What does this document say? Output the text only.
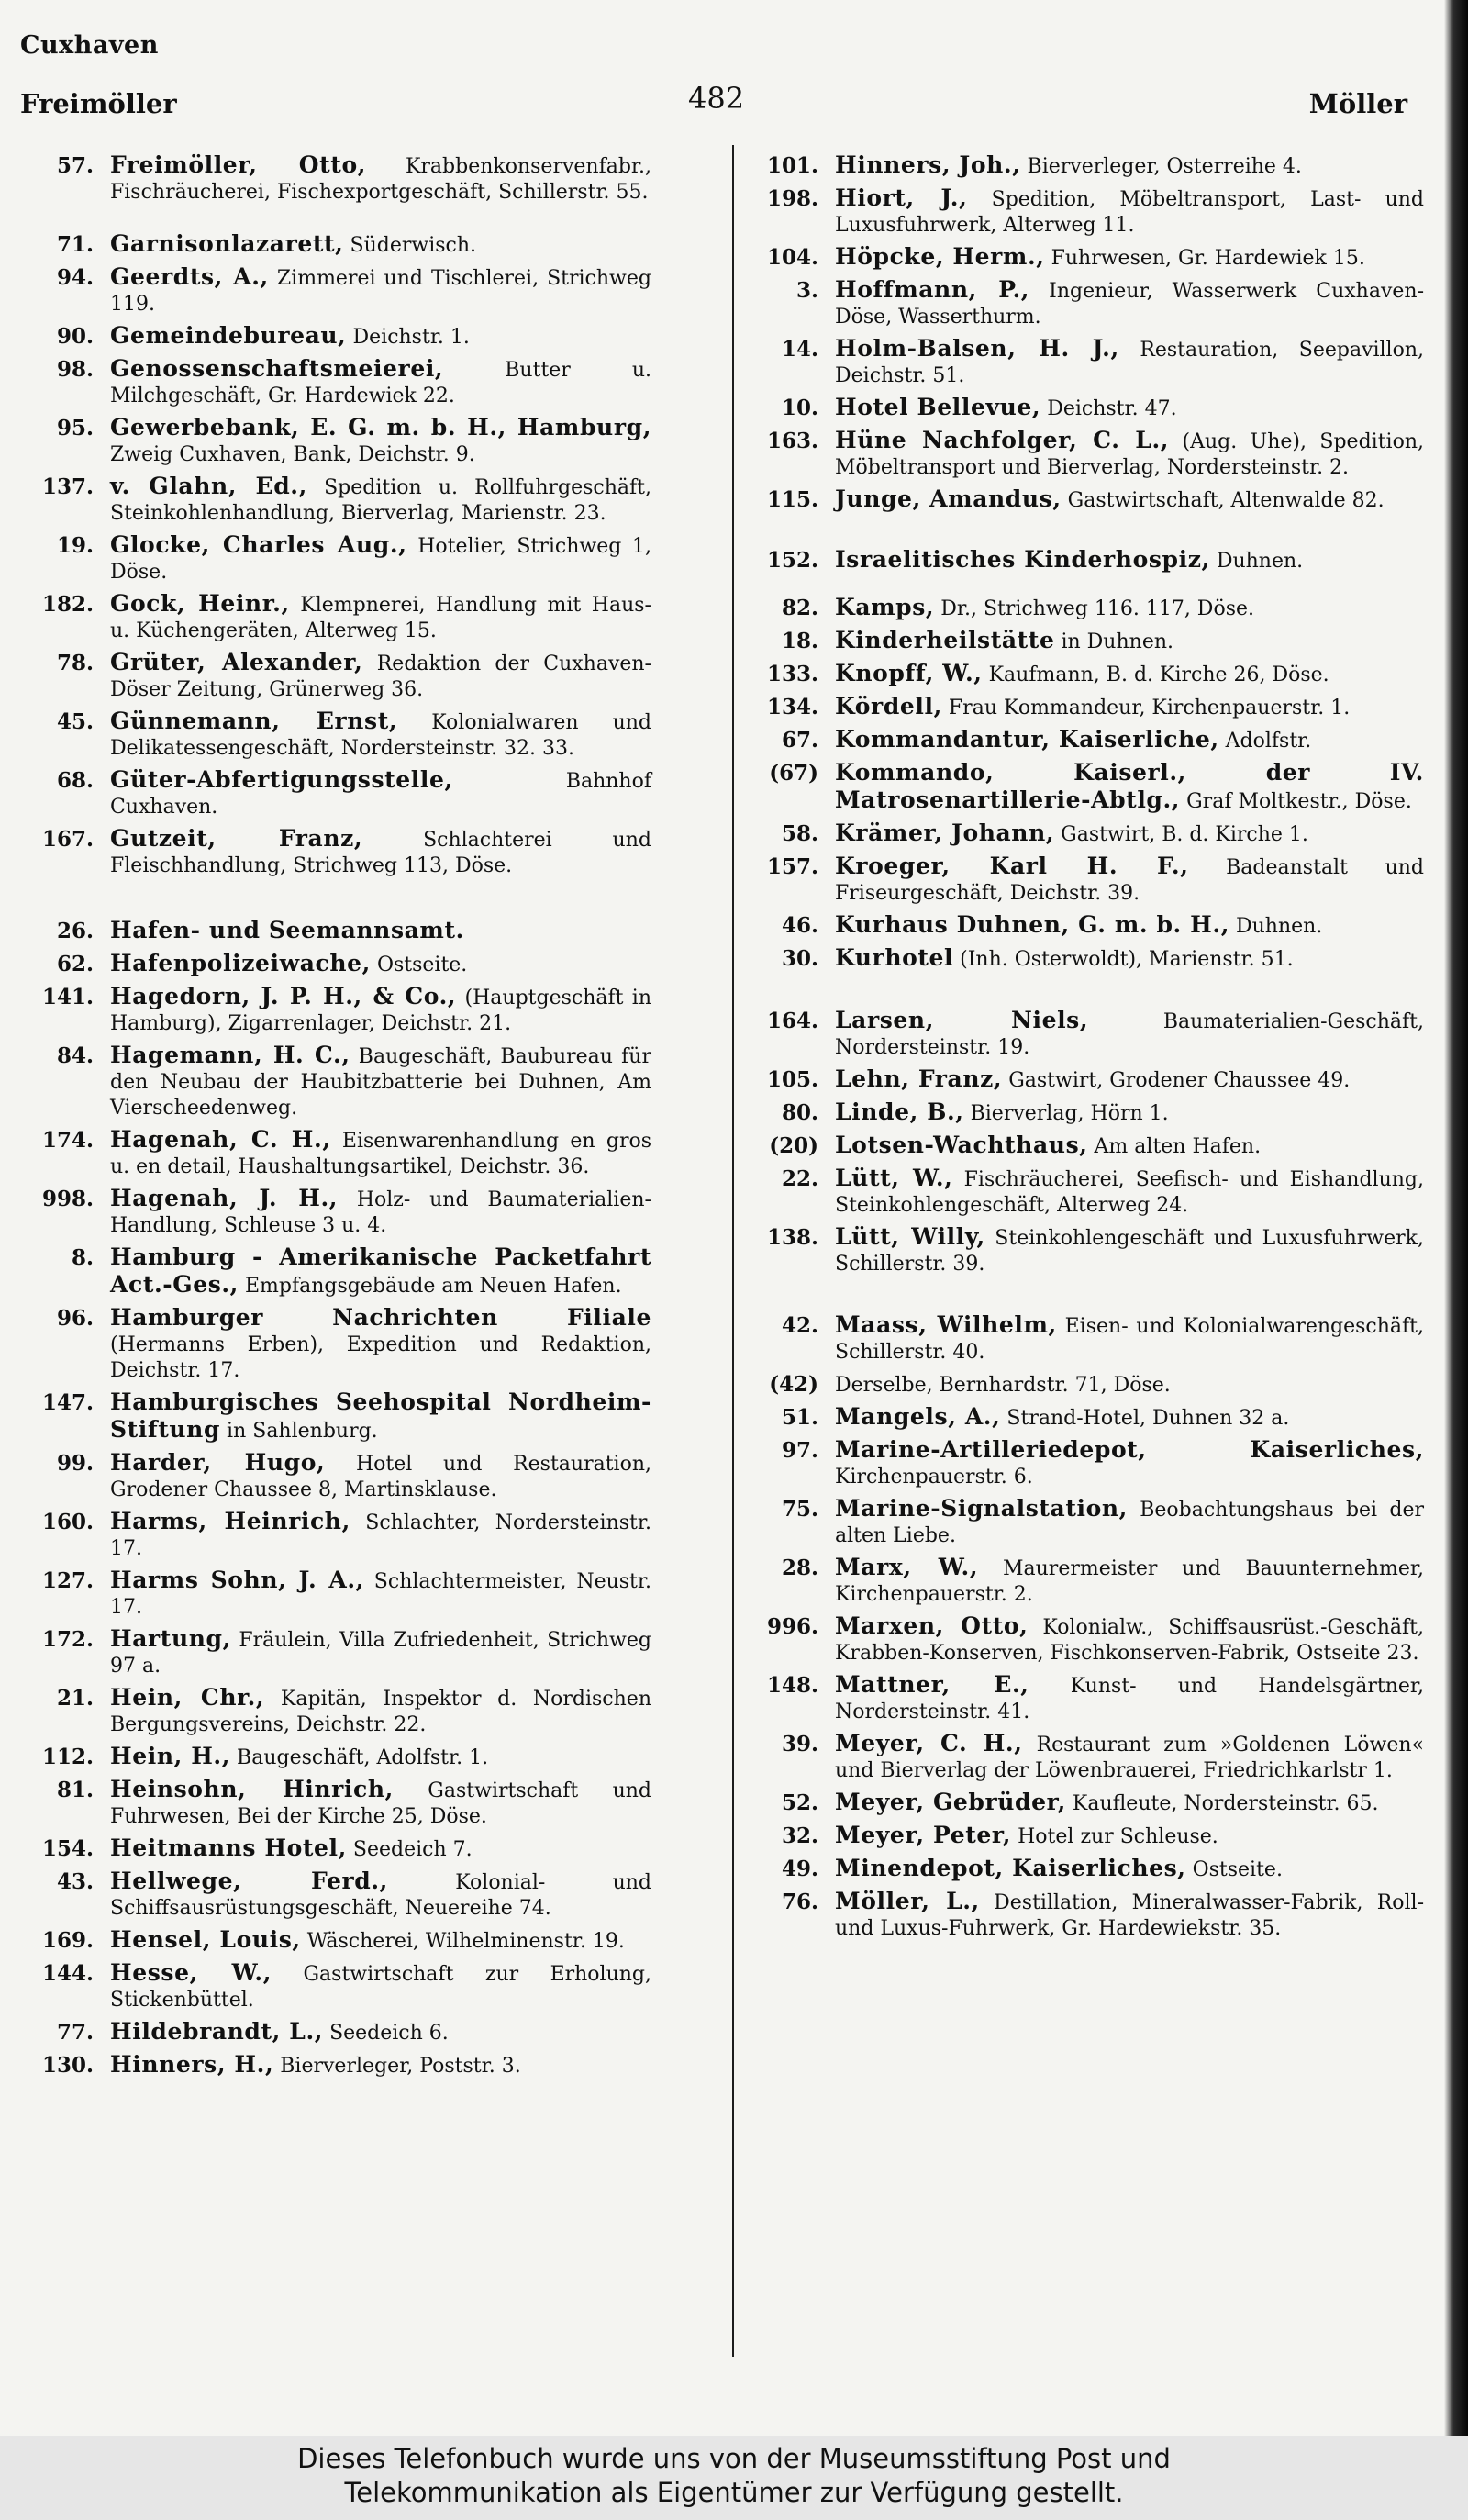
Cuxhaven
Freimöller	482	Möller
57. Freimöller, Otto, Krabbenkonservenfabr., Fischräucherei, Fischexportgeschäft, Schillerstr. 55.
71. Garnisonlazarett, Süderwisch.
94. Geerdts, A., Zimmerei und Tischlerei, Strichweg 119.
90. Gemeindebureau, Deichstr. 1.
98. Genossenschaftsmeierei,	Butter u. Milchgeschäft, Gr. Hardewiek 22.
95. Gewerbebank, E. G. m. b. H., Hamburg, Zweig Cuxhaven, Bank, Deichstr. 9.
137. v. Glahn, Ed., Spedition u. Rollfuhrgeschäft, Steinkohlenhandlung, Bierverlag, Marienstr. 23.
19. Glocke, Charles Aug., Hotelier, Strichweg 1, Döse.
182. Gock, Heinr., Klempnerei, Handlung mit Haus- u. Küchengeräten, Alterweg 15.
78. Grüter, Alexander, Redaktion der Cuxhaven-Döser Zeitung, Grünerweg 36.
45. Günnemann, Ernst, Kolonialwaren und Delikatessengeschäft, Nordersteinstr. 32. 33.
68. Güter-Abfertigungsstelle,	Bahnhof Cuxhaven.
167. Gutzeit, Franz,	Schlachterei und Fleischhandlung, Strichweg 113, Döse.
26. Hafen- und Seemannsamt.
62. Hafenpolizeiwache, Ostseite.
141. Hagedorn, J. P. H., & Co., (Hauptgeschäft in Hamburg), Zigarrenlager, Deichstr. 21.
84. Hagemann, H. C., Baugeschäft, Baubureau für den Neubau der Haubitzbatterie bei Duhnen, Am Vierscheedenweg.
174. Hagenah, C. H., Eisenwarenhandlung en gros u. en detail, Haushaltungsartikel, Deichstr. 36.
998. Hagenah, J. H., Holz- und Baumaterialien-Handlung, Schleuse 3 u. 4.
8. Hamburg - Amerikanische Packetfahrt Act.-Ges., Empfangsgebäude am Neuen Hafen.
96. Hamburger Nachrichten Filiale (Hermanns Erben), Expedition und Redaktion, Deichstr. 17.
147. Hamburgisches Seehospital Nordheim-Stiftung in Sahlenburg.
99. Harder, Hugo, Hotel und Restauration, Grodener Chaussee 8, Martinsklause.
160. Harms, Heinrich, Schlachter, Nordersteinstr. 17.
127. Harms Sohn, J. A., Schlachtermeister, Neustr. 17.
172. Hartung, Fräulein, Villa Zufriedenheit, Strichweg 97 a.
21. Hein, Chr., Kapitän, Inspektor d. Nordischen Bergungsvereins, Deichstr. 22.
112. Hein, H., Baugeschäft, Adolfstr. 1.
81. Heinsohn, Hinrich, Gastwirtschaft und Fuhrwesen, Bei der Kirche 25, Döse.
154. Heitmanns Hotel, Seedeich 7.
43. Hellwege, Ferd.,	Kolonial- und Schiffsausrüstungsgeschäft, Neuereihe 74.
169. Hensel, Louis, Wäscherei, Wilhelminenstr. 19.
144. Hesse, W., Gastwirtschaft zur Erholung, Stickenbüttel.
77. Hildebrandt, L., Seedeich 6.
130. Hinners, H., Bierverleger, Poststr. 3.
101. Hinners, Joh., Bierverleger, Osterreihe 4.
198. Hiort, J., Spedition, Möbeltransport, Last- und Luxusfuhrwerk, Alterweg 11.
104. Höpcke, Herm., Fuhrwesen, Gr. Hardewiek 15.
3. Hoffmann, P., Ingenieur, Wasserwerk Cuxhaven-Döse, Wasserthurm.
14. Holm-Balsen, H. J., Restauration, Seepavillon, Deichstr. 51.
10. Hotel Bellevue, Deichstr. 47.
163. Hüne Nachfolger, C. L., (Aug. Uhe), Spedition, Möbeltransport und Bierverlag, Nordersteinstr. 2.
115. Junge, Amandus, Gastwirtschaft, Altenwalde 82.
152. Israelitisches Kinderhospiz, Duhnen.
82. Kamps, Dr., Strichweg 116. 117, Döse.
18. Kinderheilstätte in Duhnen.
133. Knopff, W., Kaufmann, B. d. Kirche 26, Döse.
134. Kördell, Frau Kommandeur, Kirchenpauerstr. 1.
67. Kommandantur, Kaiserliche, Adolfstr.
(67) Kommando, Kaiserl., der IV. Matrosenartillerie-Abtlg., Graf Moltkestr., Döse.
58. Krämer, Johann, Gastwirt, B. d. Kirche 1.
157. Kroeger, Karl H. F., Badeanstalt und Friseurgeschäft, Deichstr. 39.
46. Kurhaus Duhnen, G. m. b. H., Duhnen.
30. Kurhotel (Inh. Osterwoldt), Marienstr. 51.
164. Larsen, Niels,	Baumaterialien-Geschäft, Nordersteinstr. 19.
105. Lehn, Franz, Gastwirt, Grodener Chaussee 49.
80. Linde, B., Bierverlag, Hörn 1.
(20) Lotsen-Wachthaus, Am alten Hafen.
22. Lütt, W., Fischräucherei, Seefisch- und Eishandlung, Steinkohlengeschäft, Alterweg 24.
138. Lütt, Willy, Steinkohlengeschäft und Luxusfuhrwerk, Schillerstr. 39.
42. Maass, Wilhelm, Eisen- und Kolonialwarengeschäft, Schillerstr. 40.
(42) Derselbe, Bernhardstr. 71, Döse.
51. Mangels, A., Strand-Hotel, Duhnen 32 a.
97. Marine-Artilleriedepot, Kaiserliches, Kirchenpauerstr. 6.
75. Marine-Signalstation, Beobachtungshaus bei der alten Liebe.
28. Marx, W., Maurermeister und Bauunternehmer, Kirchenpauerstr. 2.
996. Marxen, Otto, Kolonialw., Schiffsausrüst.-Geschäft, Krabben-Konserven, Fischkonserven-Fabrik, Ostseite 23.
148. Mattner, E., Kunst- und Handelsgärtner, Nordersteinstr. 41.
39. Meyer, C. H., Restaurant zum »Goldenen Löwen« und Bierverlag der Löwenbrauerei, Friedrichkarlstr 1.
52. Meyer, Gebrüder, Kaufleute, Nordersteinstr. 65.
32. Meyer, Peter, Hotel zur Schleuse.
49. Minendepot, Kaiserliches, Ostseite.
76. Möller, L., Destillation, Mineralwasser-Fabrik, Roll- und Luxus-Fuhrwerk, Gr. Hardewiekstr. 35.
Dieses Telefonbuch wurde uns von der Museumsstiftung Post und
Telekommunikation als Eigentümer zur Verfügung gestellt.
